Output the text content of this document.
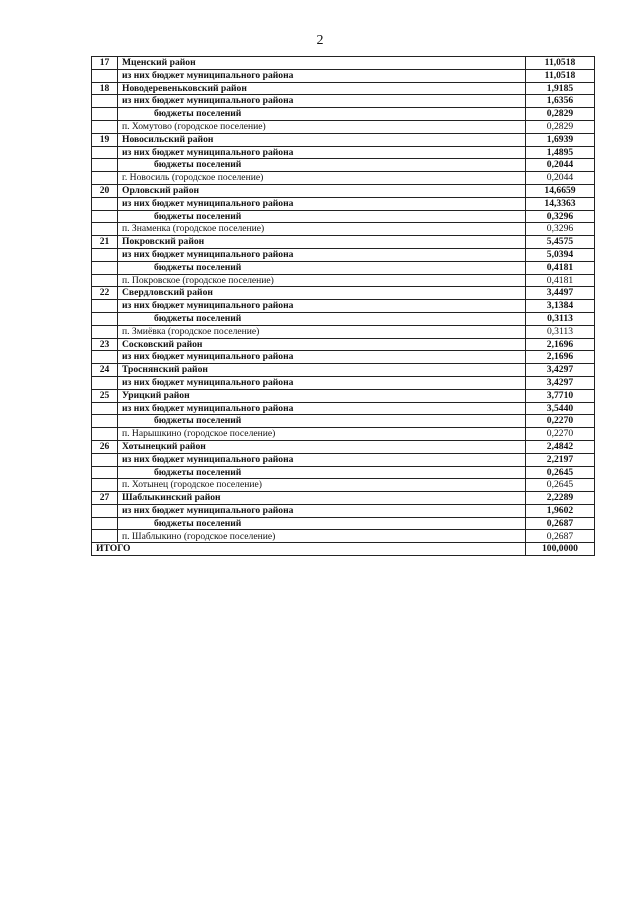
2
17	Мценский район	11,0518
	из них бюджет муниципального района	11,0518
18	Новодеревеньковский район	1,9185
	из них бюджет муниципального района	1,6356
	бюджеты поселений	0,2829
	п. Хомутово (городское поселение)	0,2829
19	Новосильский район	1,6939
	из них бюджет муниципального района	1,4895
	бюджеты поселений	0,2044
	г. Новосиль (городское поселение)	0,2044
20	Орловский район	14,6659
	из них бюджет муниципального района	14,3363
	бюджеты поселений	0,3296
	п. Знаменка (городское поселение)	0,3296
21	Покровский район	5,4575
	из них бюджет муниципального района	5,0394
	бюджеты поселений	0,4181
	п. Покровское (городское поселение)	0,4181
22	Свердловский район	3,4497
	из них бюджет муниципального района	3,1384
	бюджеты поселений	0,3113
	п. Змиёвка (городское поселение)	0,3113
23	Сосковский район	2,1696
	из них бюджет муниципального района	2,1696
24	Троснянский район	3,4297
	из них бюджет муниципального района	3,4297
25	Урицкий район	3,7710
	из них бюджет муниципального района	3,5440
	бюджеты поселений	0,2270
	п. Нарышкино (городское поселение)	0,2270
26	Хотынецкий район	2,4842
	из них бюджет муниципального района	2,2197
	бюджеты поселений	0,2645
	п. Хотынец (городское поселение)	0,2645
27	Шаблыкинский район	2,2289
	из них бюджет муниципального района	1,9602
	бюджеты поселений	0,2687
	п. Шаблыкино (городское поселение)	0,2687
ИТОГО		100,0000
